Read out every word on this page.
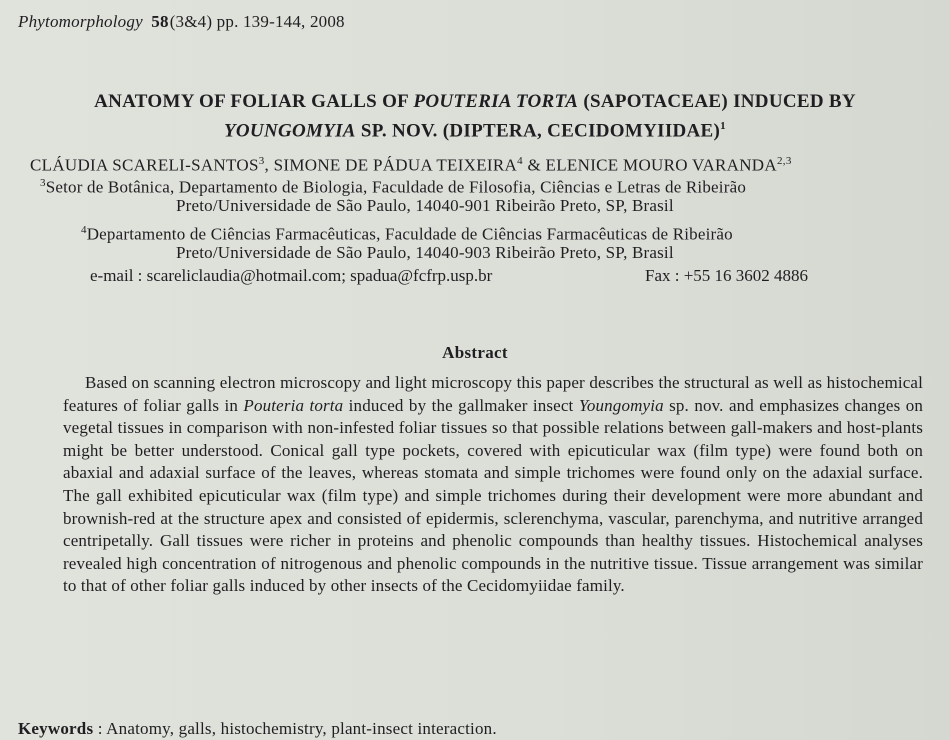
Phytomorphology 58(3&4) pp. 139-144, 2008
ANATOMY OF FOLIAR GALLS OF POUTERIA TORTA (SAPOTACEAE) INDUCED BY
YOUNGOMYIA SP. NOV. (DIPTERA, CECIDOMYIIDAE)$^1$
CLÁUDIA SCARELI-SANTOS$^3$, SIMONE DE PÁDUA TEIXEIRA$^4$ & ELENICE MOURO VARANDA$^{2,3}$
$^3$Setor de Botânica, Departamento de Biologia, Faculdade de Filosofia, Ciências e Letras de Ribeirão
Preto/Universidade de São Paulo, 14040-901 Ribeirão Preto, SP, Brasil
$^4$Departamento de Ciências Farmacêuticas, Faculdade de Ciências Farmacêuticas de Ribeirão
Preto/Universidade de São Paulo, 14040-903 Ribeirão Preto, SP, Brasil
e-mail : scareliclaudia@hotmail.com; spadua@fcfrp.usp.br	Fax : +55 16 3602 4886
Abstract

Based on scanning electron microscopy and light microscopy this paper describes the structural as well as histochemical features of foliar galls in Pouteria torta induced by the gallmaker insect Youngomyia sp. nov. and emphasizes changes on vegetal tissues in comparison with non-infested foliar tissues so that possible relations between gall-makers and host-plants might be better understood. Conical gall type pockets, covered with epicuticular wax (film type) were found both on abaxial and adaxial surface of the leaves, whereas stomata and simple trichomes were found only on the adaxial surface. The gall exhibited epicuticular wax (film type) and simple trichomes during their development were more abundant and brownish-red at the structure apex and consisted of epidermis, sclerenchyma, vascular, parenchyma, and nutritive arranged centripetally. Gall tissues were richer in proteins and phenolic compounds than healthy tissues. Histochemical analyses revealed high concentration of nitrogenous and phenolic compounds in the nutritive tissue. Tissue arrangement was similar to that of other foliar galls induced by other insects of the Cecidomyiidae family.

Keywords : Anatomy, galls, histochemistry, plant-insect interaction.
